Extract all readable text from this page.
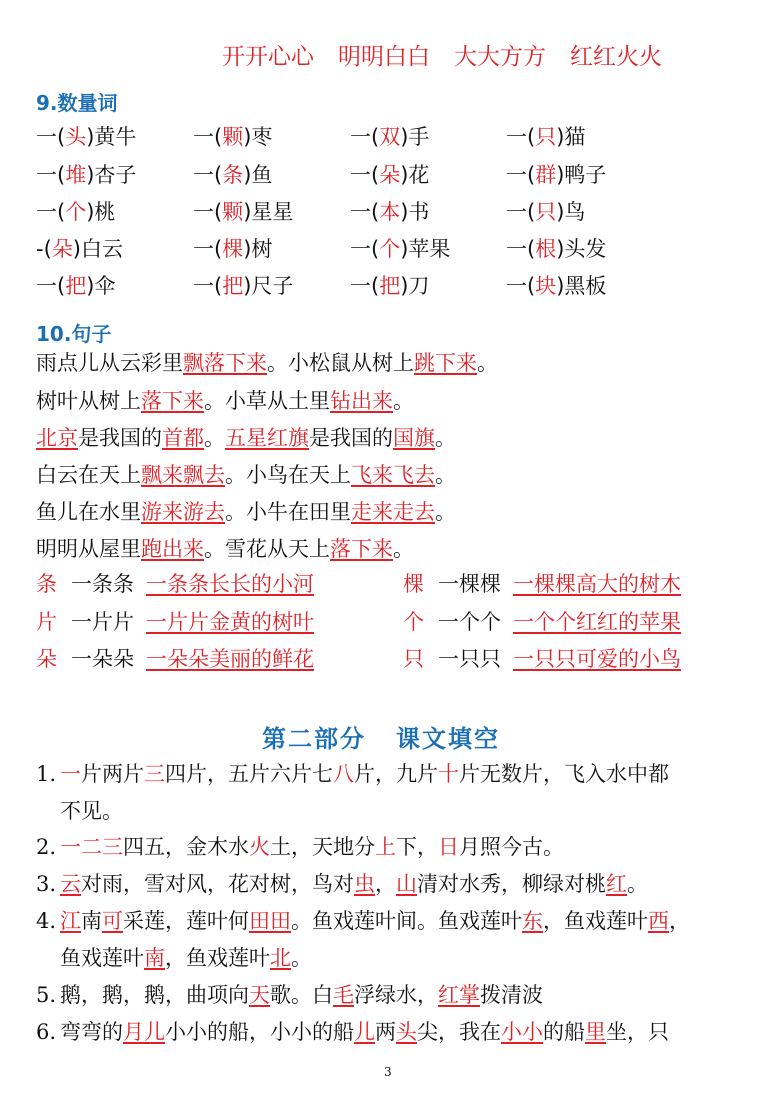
开开心心 明明白白 大大方方 红红火火
9.数量词
一(头)黄牛	一(颗)枣	一(双)手	一(只)猫
一(堆)杏子	一(条)鱼	一(朵)花	一(群)鸭子
一(个)桃	一(颗)星星	一(本)书	一(只)鸟
-(朵)白云	一(棵)树	一(个)苹果	一(根)头发
一(把)伞	一(把)尺子	一(把)刀	一(块)黑板
10.句子
雨点儿从云彩里飘落下来。小松鼠从树上跳下来。
树叶从树上落下来。小草从土里钻出来。
北京是我国的首都。五星红旗是我国的国旗。
白云在天上飘来飘去。小鸟在天上飞来飞去。
鱼儿在水里游来游去。小牛在田里走来走去。
明明从屋里跑出来。雪花从天上落下来。
条 一条条 一条条长长的小河
片 一片片 一片片金黄的树叶
朵 一朵朵 一朵朵美丽的鲜花
棵 一棵棵 一棵棵高大的树木
个 一个个 一个个红红的苹果
只 一只只 一只只可爱的小鸟
第二部分 课文填空
1. 一片两片三四片，五片六片七八片，九片十片无数片，飞入水中都
不见。
2. 一二三四五，金木水火土，天地分上下，日月照今古。
3. 云对雨，雪对风，花对树，鸟对虫，山清对水秀，柳绿对桃红。
4. 江南可采莲，莲叶何田田。鱼戏莲叶间。鱼戏莲叶东，鱼戏莲叶西，
鱼戏莲叶南，鱼戏莲叶北。
5. 鹅，鹅，鹅，曲项向天歌。白毛浮绿水，红掌拨清波
6. 弯弯的月儿小小的船，小小的船儿两头尖，我在小小的船里坐，只
3
